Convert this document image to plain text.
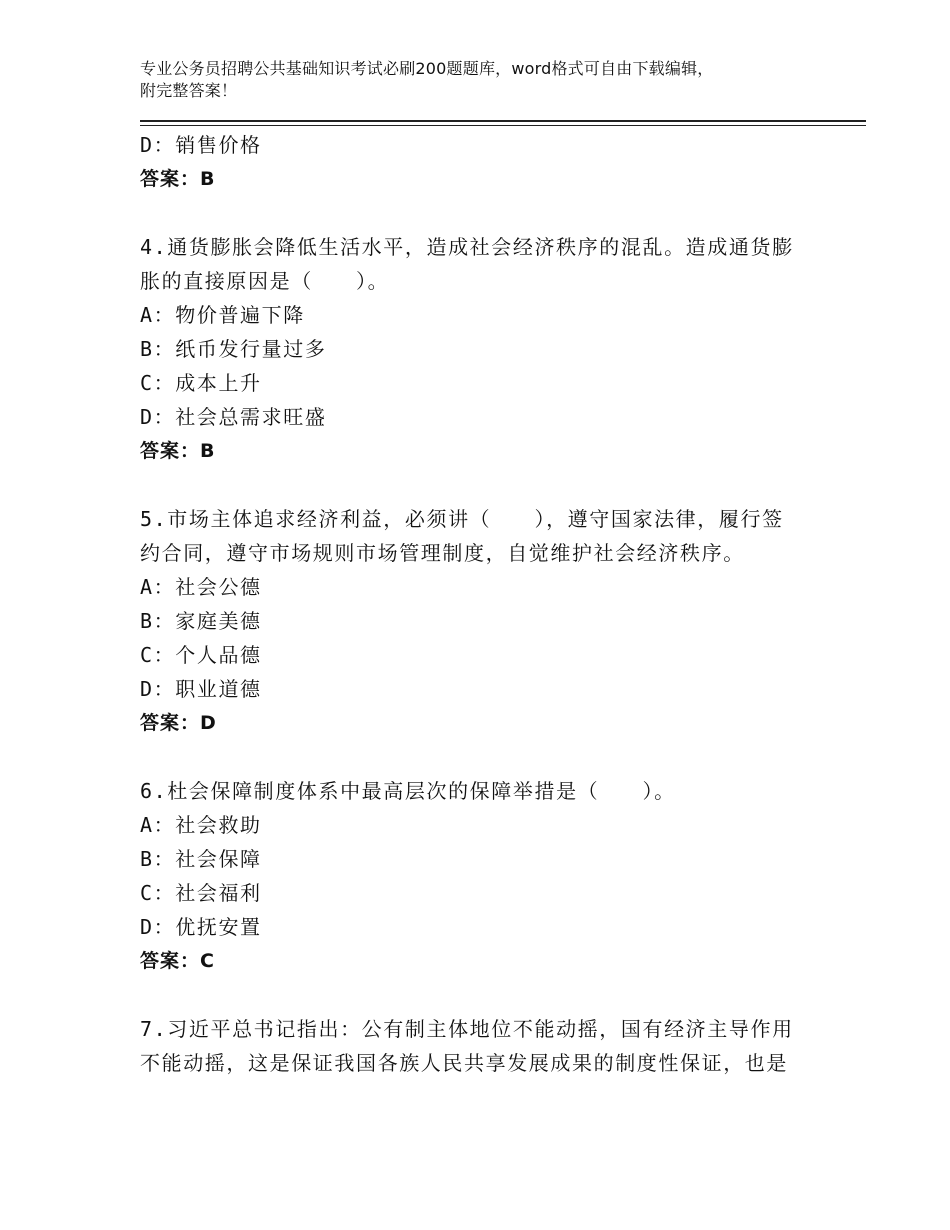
专业公务员招聘公共基础知识考试必刷200题题库，word格式可自由下载编辑，
附完整答案！
D：销售价格
答案：B
4.通货膨胀会降低生活水平，造成社会经济秩序的混乱。造成通货膨
胀的直接原因是（　　）。
A：物价普遍下降
B：纸币发行量过多
C：成本上升
D：社会总需求旺盛
答案：B
5.市场主体追求经济利益，必须讲（　　），遵守国家法律，履行签
约合同，遵守市场规则市场管理制度，自觉维护社会经济秩序。
A：社会公德
B：家庭美德
C：个人品德
D：职业道德
答案：D
6.杜会保障制度体系中最高层次的保障举措是（　　）。
A：社会救助
B：社会保障
C：社会福利
D：优抚安置
答案：C
7.习近平总书记指出：公有制主体地位不能动摇，国有经济主导作用
不能动摇，这是保证我国各族人民共享发展成果的制度性保证，也是
